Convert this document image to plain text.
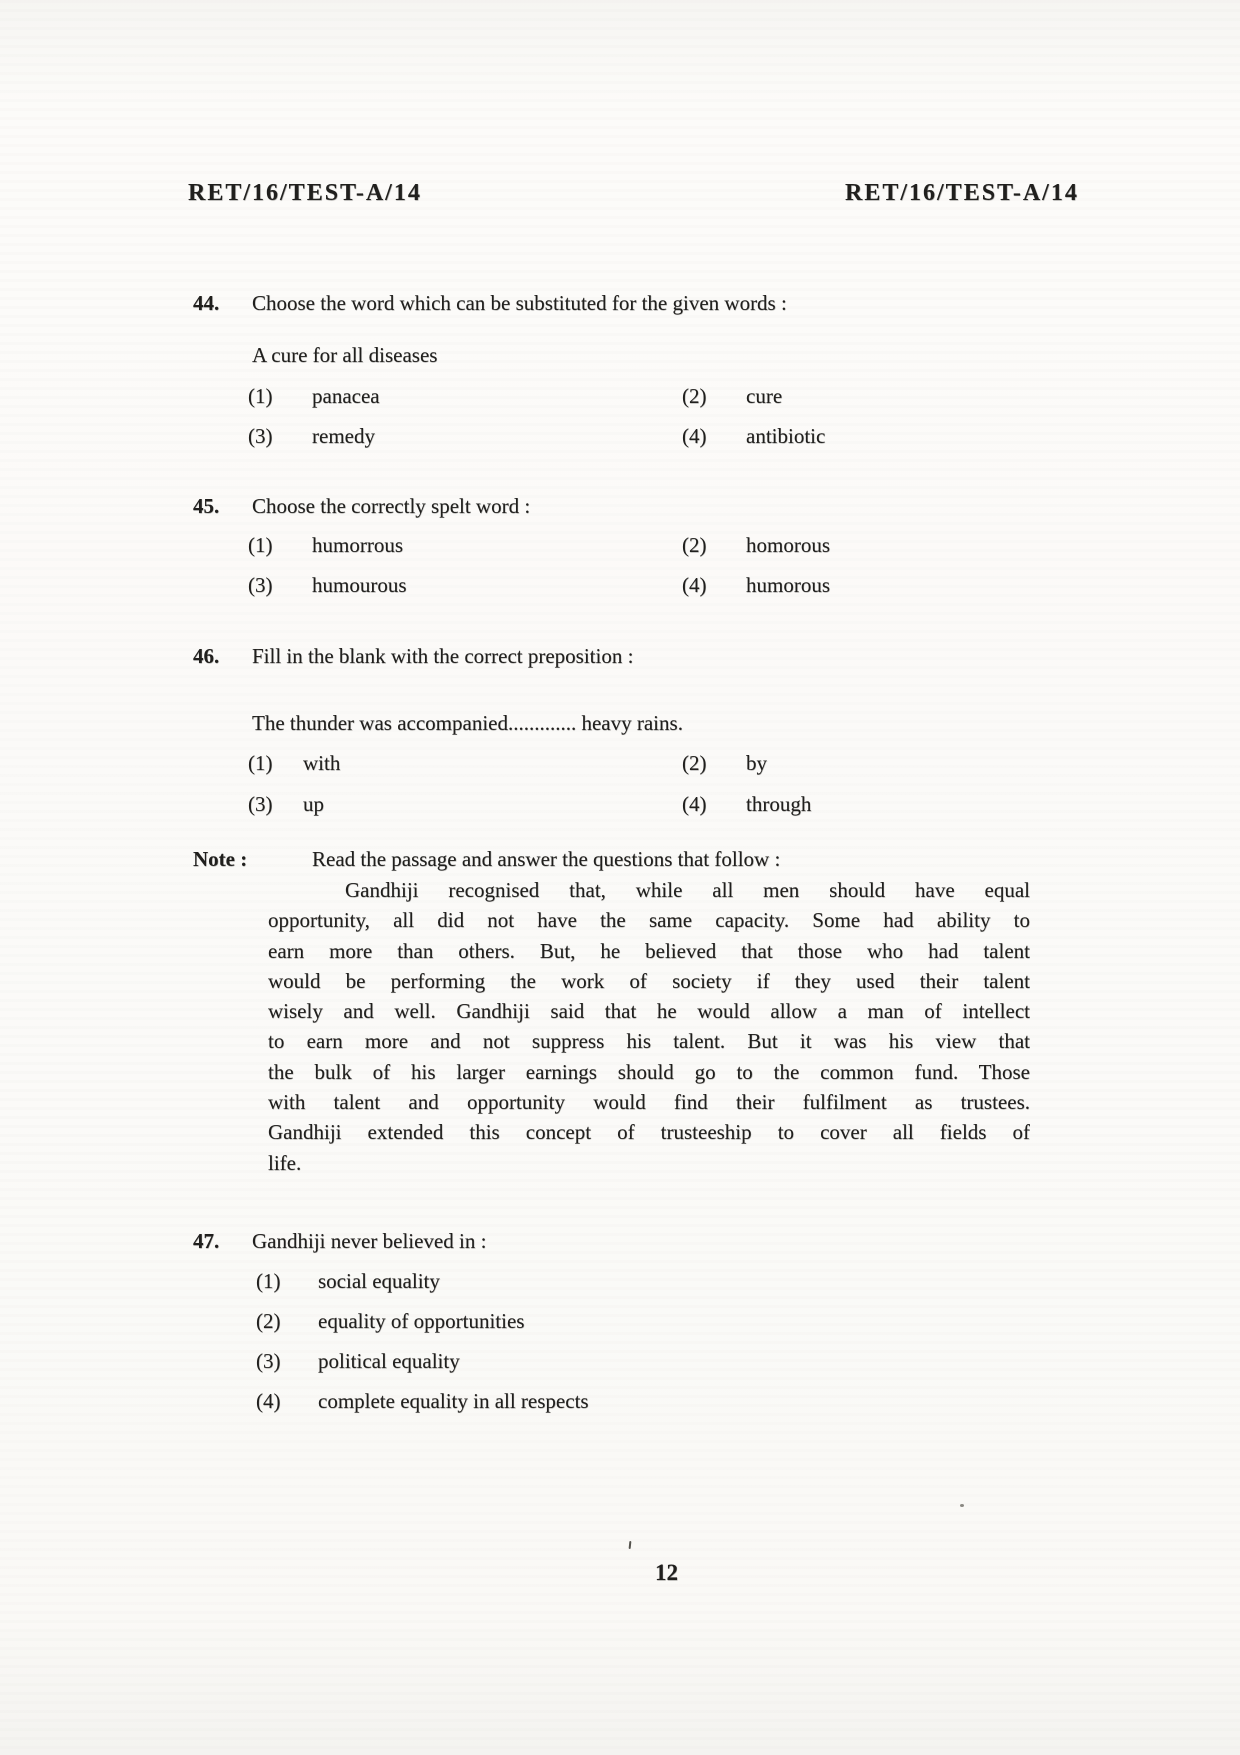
RET/16/TEST-A/14	RET/16/TEST-A/14
44. Choose the word which can be substituted for the given words :
A cure for all diseases
(1) panacea	(2) cure
(3) remedy	(4) antibiotic
45. Choose the correctly spelt word :
(1) humorrous	(2) homorous
(3) humourous	(4) humorous
46. Fill in the blank with the correct preposition :
The thunder was accompanied............. heavy rains.
(1) with	(2) by
(3) up	(4) through
Note :	Read the passage and answer the questions that follow :
Gandhiji recognised that, while all men should have equal
opportunity, all did not have the same capacity. Some had ability to
earn more than others. But, he believed that those who had talent
would be performing the work of society if they used their talent
wisely and well. Gandhiji said that he would allow a man of intellect
to earn more and not suppress his talent. But it was his view that
the bulk of his larger earnings should go to the common fund. Those
with talent and opportunity would find their fulfilment as trustees.
Gandhiji extended this concept of trusteeship to cover all fields of
life.
47. Gandhiji never believed in :
(1) social equality
(2) equality of opportunities
(3) political equality
(4) complete equality in all respects
12
